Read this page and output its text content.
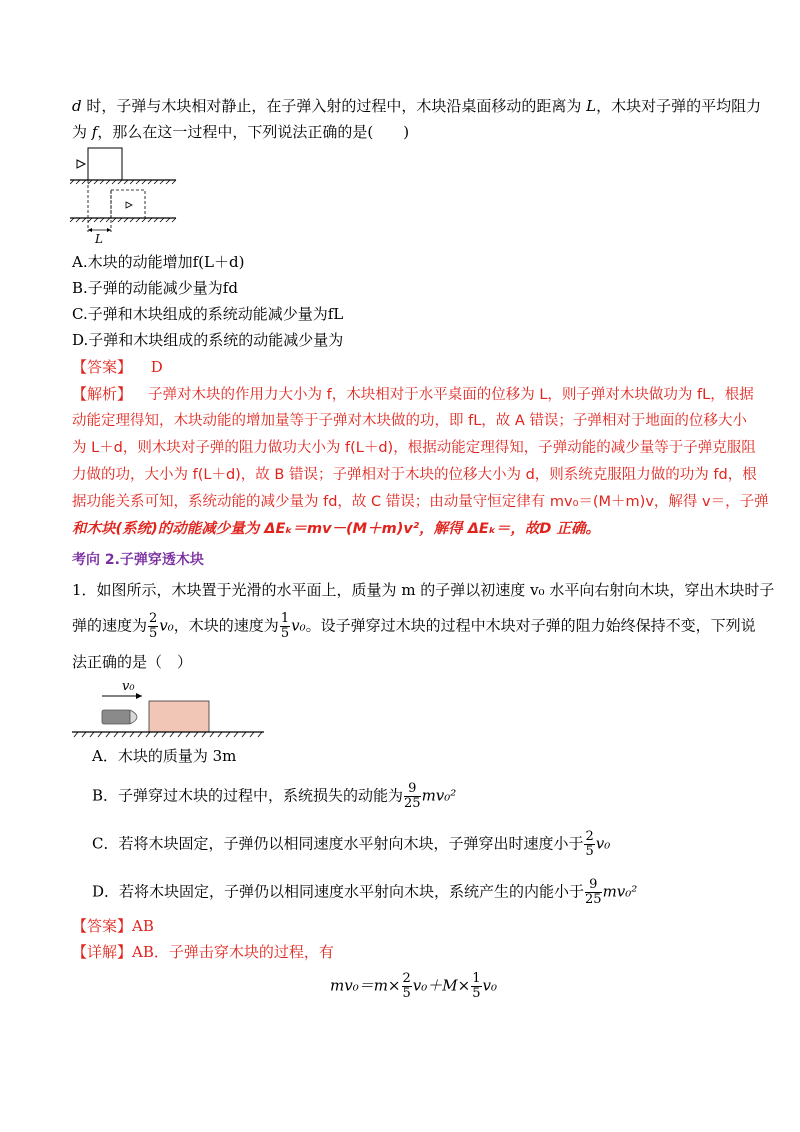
d 时，子弹与木块相对静止，在子弹入射的过程中，木块沿桌面移动的距离为 L，木块对子弹的平均阻力
为 f，那么在这一过程中，下列说法正确的是(　　)
L
A.木块的动能增加f(L＋d)
B.子弹的动能减少量为fd
C.子弹和木块组成的系统动能减少量为fL
D.子弹和木块组成的系统的动能减少量为
【答案】 D
【解析】 子弹对木块的作用力大小为 f，木块相对于水平桌面的位移为 L，则子弹对木块做功为 fL，根据
动能定理得知，木块动能的增加量等于子弹对木块做的功，即 fL，故 A 错误；子弹相对于地面的位移大小
为 L＋d，则木块对子弹的阻力做功大小为 f(L＋d)，根据动能定理得知，子弹动能的减少量等于子弹克服阻
力做的功，大小为 f(L＋d)，故 B 错误；子弹相对于木块的位移大小为 d，则系统克服阻力做的功为 fd，根
据功能关系可知，系统动能的减少量为 fd，故 C 错误；由动量守恒定律有 mv₀＝(M＋m)v，解得 v＝，子弹
和木块(系统)的动能减少量为 ΔEₖ＝mv－(M＋m)v²，解得 ΔEₖ＝，故D 正确。
考向 2.子弹穿透木块
1．如图所示，木块置于光滑的水平面上，质量为 m 的子弹以初速度 v₀ 水平向右射向木块，穿出木块时子
弹的速度为 $\frac{2}{5} v_0$，木块的速度为 $\frac{1}{5} v_0$。设子弹穿过木块的过程中木块对子弹的阻力始终保持不变，下列说
法正确的是（　）
v₀
A．木块的质量为 3m
B．子弹穿过木块的过程中，系统损失的动能为 $\frac{9}{25} mv_0^2$
C．若将木块固定，子弹仍以相同速度水平射向木块，子弹穿出时速度小于 $\frac{2}{5} v_0$
D．若将木块固定，子弹仍以相同速度水平射向木块，系统产生的内能小于 $\frac{9}{25} mv_0^2$
【答案】AB
【详解】AB．子弹击穿木块的过程，有
$mv_0=m\times \frac{2}{5} v_0+M\times \frac{1}{5} v_0$
